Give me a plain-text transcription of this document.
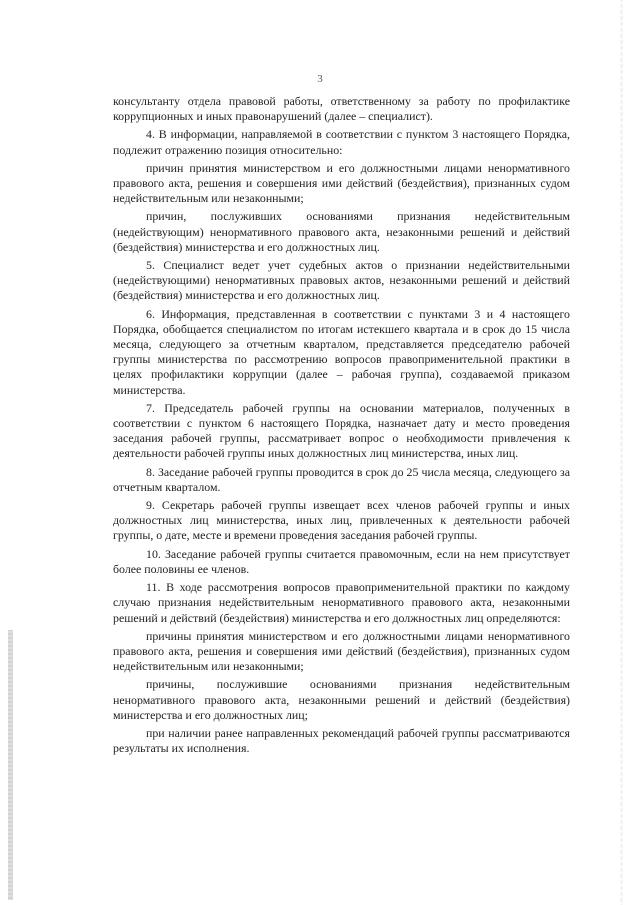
3

консультанту отдела правовой работы, ответственному за работу по профилактике коррупционных и иных правонарушений (далее – специалист).

4. В информации, направляемой в соответствии с пунктом 3 настоящего Порядка, подлежит отражению позиция относительно:

причин принятия министерством и его должностными лицами ненормативного правового акта, решения и совершения ими действий (бездействия), признанных судом недействительным или незаконными;

причин, послуживших основаниями признания недействительным (недействующим) ненормативного правового акта, незаконными решений и действий (бездействия) министерства и его должностных лиц.

5. Специалист ведет учет судебных актов о признании недействительными (недействующими) ненормативных правовых актов, незаконными решений и действий (бездействия) министерства и его должностных лиц.

6. Информация, представленная в соответствии с пунктами 3 и 4 настоящего Порядка, обобщается специалистом по итогам истекшего квартала и в срок до 15 числа месяца, следующего за отчетным кварталом, представляется председателю рабочей группы министерства по рассмотрению вопросов правоприменительной практики в целях профилактики коррупции (далее – рабочая группа), создаваемой приказом министерства.

7. Председатель рабочей группы на основании материалов, полученных в соответствии с пунктом 6 настоящего Порядка, назначает дату и место проведения заседания рабочей группы, рассматривает вопрос о необходимости привлечения к деятельности рабочей группы иных должностных лиц министерства, иных лиц.

8. Заседание рабочей группы проводится в срок до 25 числа месяца, следующего за отчетным кварталом.

9. Секретарь рабочей группы извещает всех членов рабочей группы и иных должностных лиц министерства, иных лиц, привлеченных к деятельности рабочей группы, о дате, месте и времени проведения заседания рабочей группы.

10. Заседание рабочей группы считается правомочным, если на нем присутствует более половины ее членов.

11. В ходе рассмотрения вопросов правоприменительной практики по каждому случаю признания недействительным ненормативного правового акта, незаконными решений и действий (бездействия) министерства и его должностных лиц определяются:

причины принятия министерством и его должностными лицами ненормативного правового акта, решения и совершения ими действий (бездействия), признанных судом недействительным или незаконными;

причины, послужившие основаниями признания недействительным ненормативного правового акта, незаконными решений и действий (бездействия) министерства и его должностных лиц;

при наличии ранее направленных рекомендаций рабочей группы рассматриваются результаты их исполнения.
